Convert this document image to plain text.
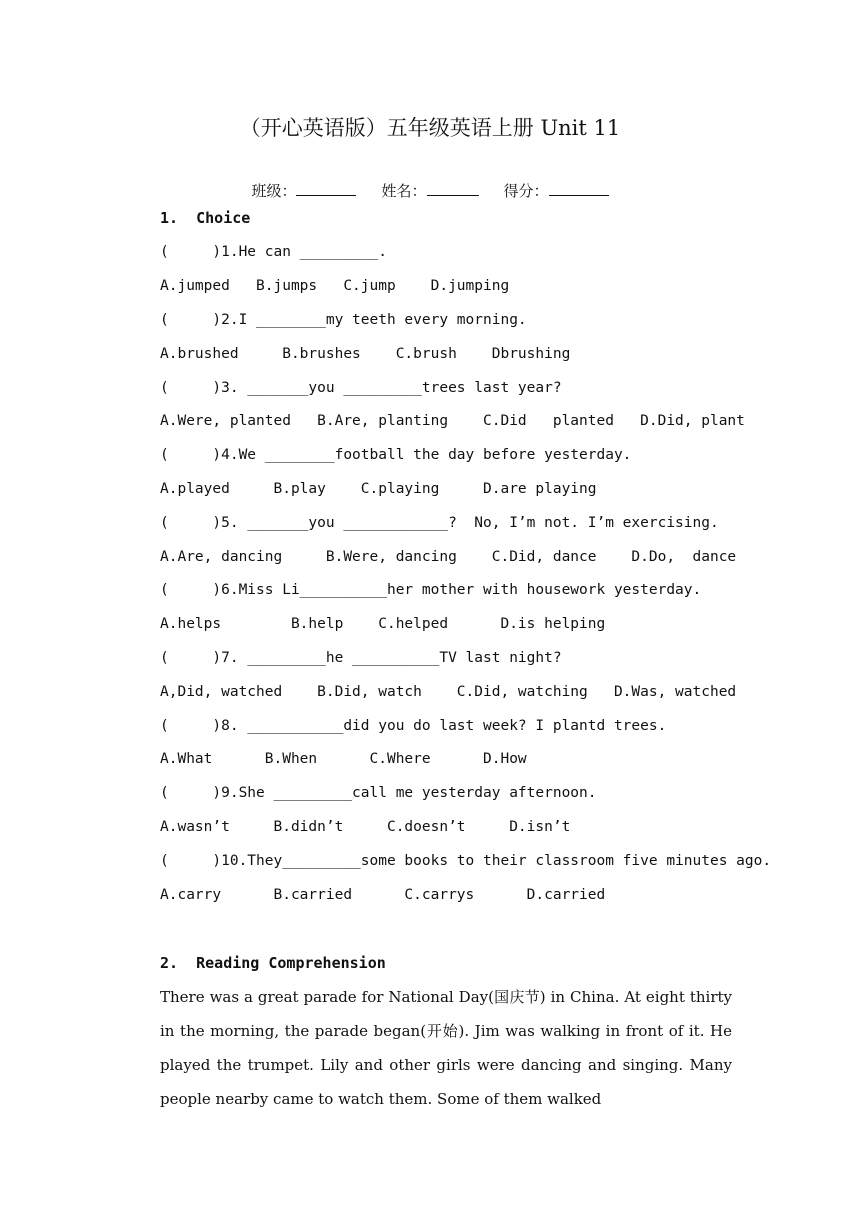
（开心英语版）五年级英语上册 Unit 11
班级：	姓名：	得分：
1.  Choice
(     )1.He can _________.
A.jumped   B.jumps   C.jump    D.jumping
(     )2.I ________my teeth every morning.
A.brushed     B.brushes    C.brush    Dbrushing
(     )3. _______you _________trees last year?
A.Were, planted   B.Are, planting    C.Did   planted   D.Did, plant
(     )4.We ________football the day before yesterday.
A.played     B.play    C.playing     D.are playing
(     )5. _______you ____________?  No, I’m not. I’m exercising.
A.Are, dancing     B.Were, dancing    C.Did, dance    D.Do,  dance
(     )6.Miss Li__________her mother with housework yesterday.
A.helps        B.help    C.helped      D.is helping
(     )7. _________he __________TV last night?
A,Did, watched    B.Did, watch    C.Did, watching   D.Was, watched
(     )8. ___________did you do last week? I plantd trees.
A.What      B.When      C.Where      D.How
(     )9.She _________call me yesterday afternoon.
A.wasn’t     B.didn’t     C.doesn’t     D.isn’t
(     )10.They_________some books to their classroom five minutes ago.
A.carry      B.carried      C.carrys      D.carried
2.  Reading Comprehension
There was a great parade for National Day(国庆节) in China. At eight thirty in the morning, the parade began(开始). Jim was walking in front of it. He played the trumpet. Lily and other girls were dancing and singing. Many people nearby came to watch them. Some of them walked
